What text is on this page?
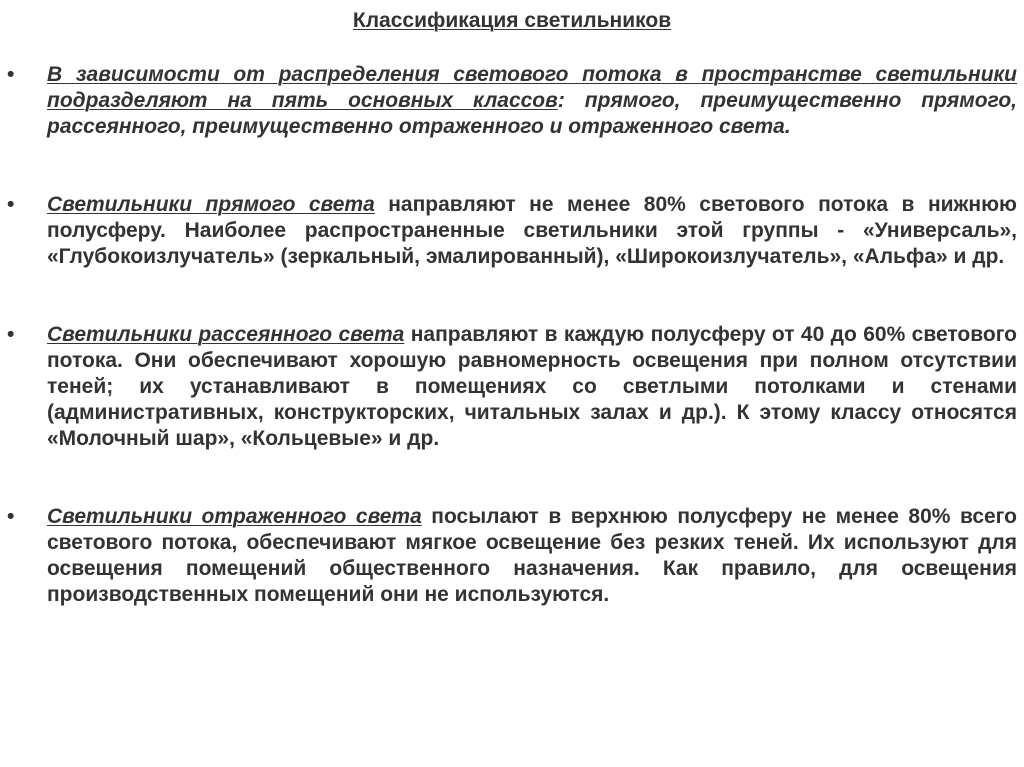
Классификация светильников
•	В зависимости от распределения светового потока в пространстве светильники подразделяют на пять основных классов: прямого, преимущественно прямого, рассеянного, преимущественно отраженного и отраженного света.
•	Светильники прямого света направляют не менее 80% светового потока в нижнюю полусферу. Наиболее распространенные светильники этой группы - «Универсаль», «Глубокоизлучатель» (зеркальный, эмалированный), «Широкоизлучатель», «Альфа» и др.
•	Светильники рассеянного света направляют в каждую полусферу от 40 до 60% светового потока. Они обеспечивают хорошую равномерность освещения при полном отсутствии теней; их устанавливают в помещениях со светлыми потолками и стенами (административных, конструкторских, читальных залах и др.). К этому классу относятся «Молочный шар», «Кольцевые» и др.
•	Светильники отраженного света посылают в верхнюю полусферу не менее 80% всего светового потока, обеспечивают мягкое освещение без резких теней. Их используют для освещения помещений общественного назначения. Как правило, для освещения производственных помещений они не используются.
